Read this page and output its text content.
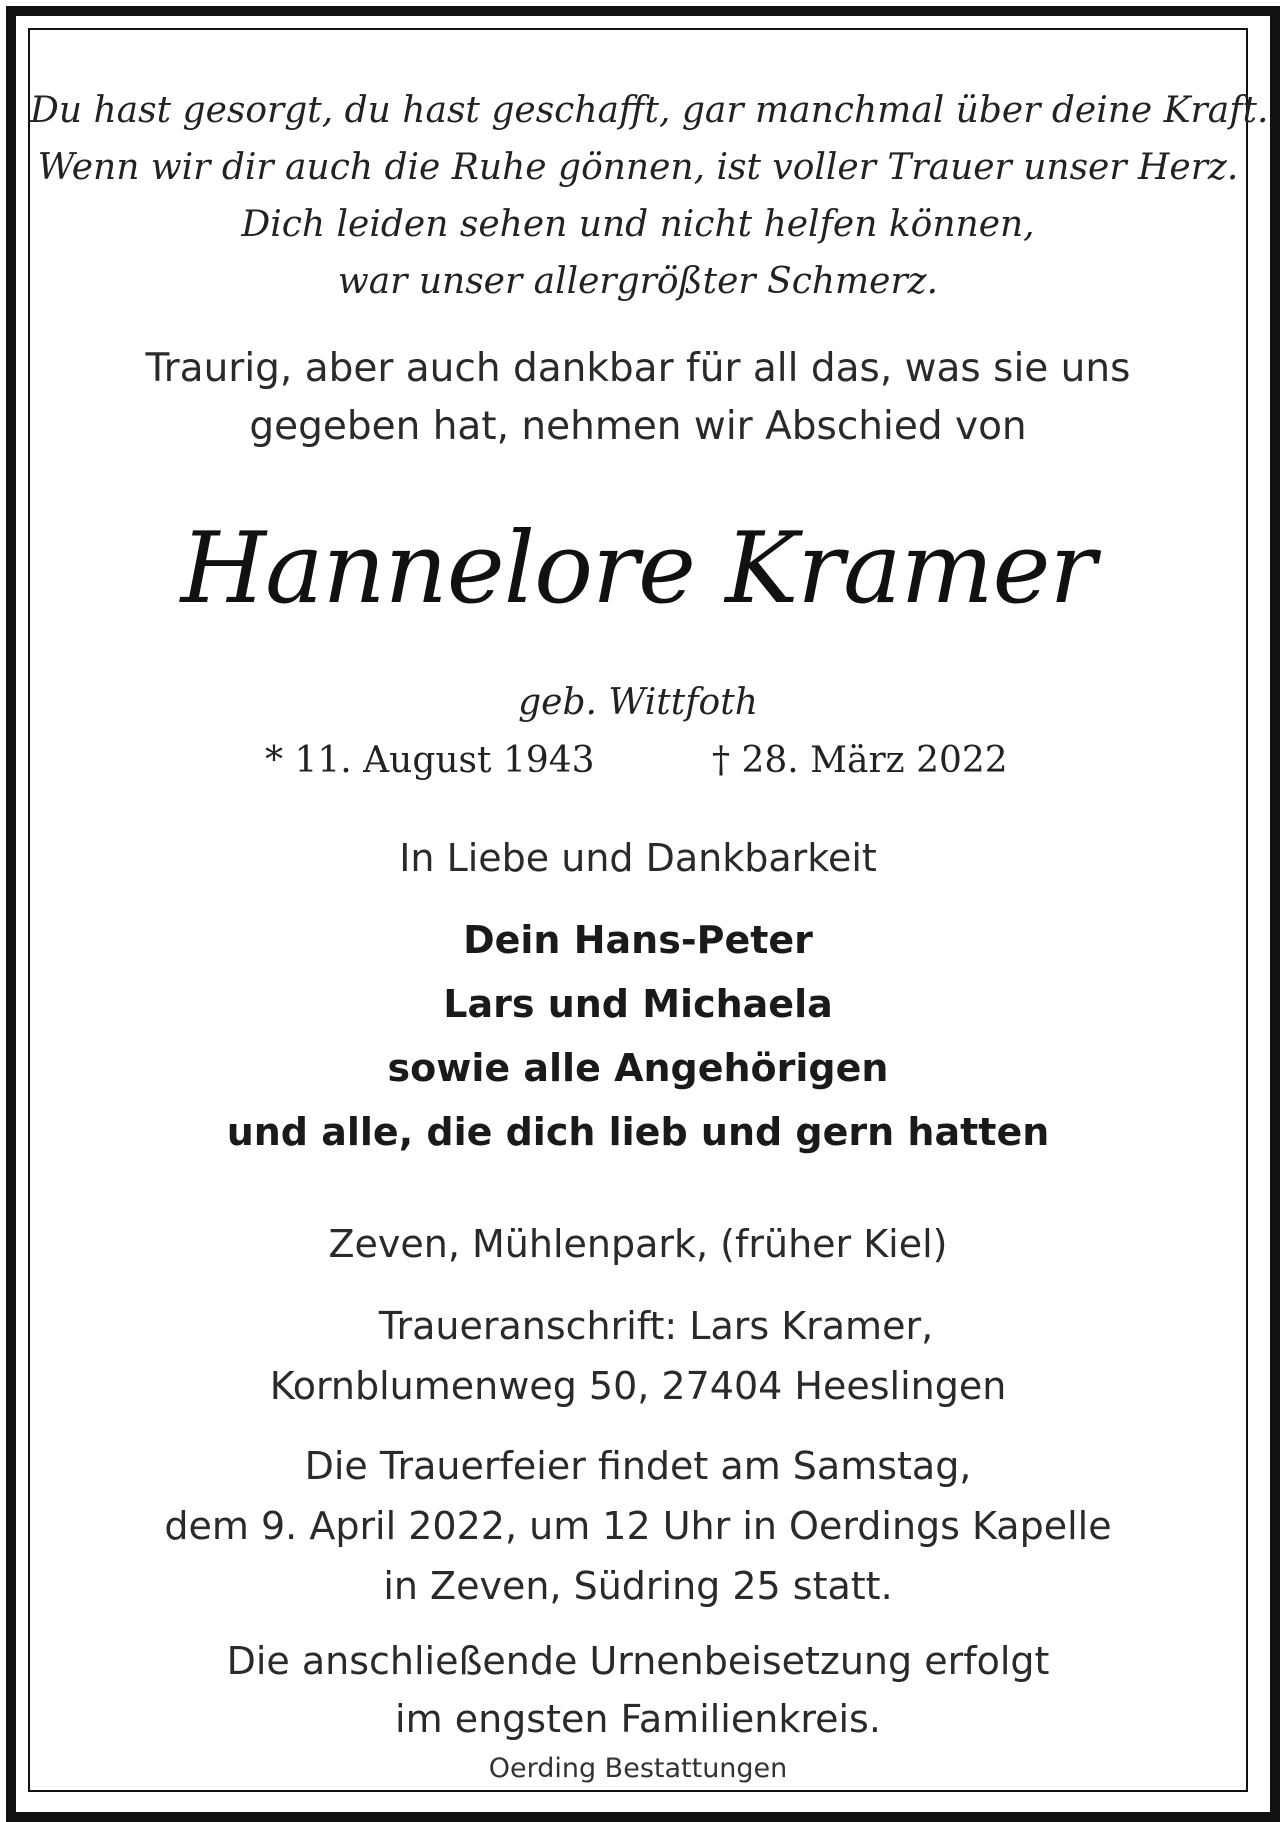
Du hast gesorgt, du hast geschafft, gar manchmal über deine Kraft.
Wenn wir dir auch die Ruhe gönnen, ist voller Trauer unser Herz.
Dich leiden sehen und nicht helfen können,
war unser allergrößter Schmerz.
Traurig, aber auch dankbar für all das, was sie uns
gegeben hat, nehmen wir Abschied von
Hannelore Kramer
geb. Wittfoth
* 11. August 1943	† 28. März 2022
In Liebe und Dankbarkeit
Dein Hans-Peter
Lars und Michaela
sowie alle Angehörigen
und alle, die dich lieb und gern hatten
Zeven, Mühlenpark, (früher Kiel)
Traueranschrift: Lars Kramer,
Kornblumenweg 50, 27404 Heeslingen
Die Trauerfeier findet am Samstag,
dem 9. April 2022, um 12 Uhr in Oerdings Kapelle
in Zeven, Südring 25 statt.
Die anschließende Urnenbeisetzung erfolgt
im engsten Familienkreis.
Oerding Bestattungen
